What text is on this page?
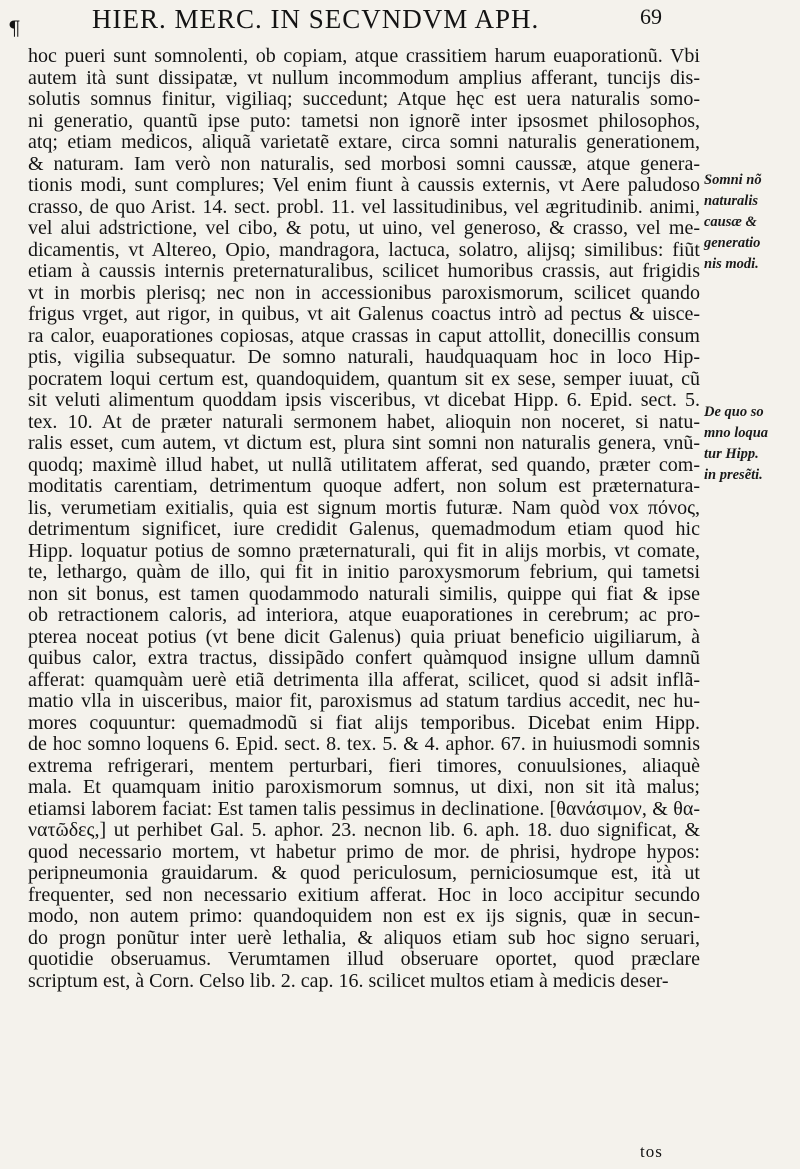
¶	HIER. MERC. IN SECVNDVM APH.	69
hoc pueri sunt somnolenti, ob copiam, atque crassitiem harum euaporationũ. Vbi
autem ità sunt dissipatæ, vt nullum incommodum amplius afferant, tuncijs dis-
solutis somnus finitur, vigiliaq; succedunt; Atque hęc est uera naturalis somo-
ni generatio, quantũ ipse puto: tametsi non ignorẽ inter ipsosmet philosophos,
atq; etiam medicos, aliquã varietatẽ extare, circa somni naturalis generationem,
& naturam. Iam verò non naturalis, sed morbosi somni caussæ, atque genera-
tionis modi, sunt complures; Vel enim fiunt à caussis externis, vt Aere paludoso
crasso, de quo Arist. 14. sect. probl. 11. vel lassitudinibus, vel ægritudinib. animi,
vel alui adstrictione, vel cibo, & potu, ut uino, vel generoso, & crasso, vel me-
dicamentis, vt Altereo, Opio, mandragora, lactuca, solatro, alijsq; similibus: fiũt
etiam à caussis internis preternaturalibus, scilicet humoribus crassis, aut frigidis
vt in morbis plerisq; nec non in accessionibus paroxismorum, scilicet quando
frigus vrget, aut rigor, in quibus, vt ait Galenus coactus intrò ad pectus & uisce-
ra calor, euaporationes copiosas, atque crassas in caput attollit, donecillis consum
ptis, vigilia subsequatur. De somno naturali, haudquaquam hoc in loco Hip-
pocratem loqui certum est, quandoquidem, quantum sit ex sese, semper iuuat, cũ
sit veluti alimentum quoddam ipsis visceribus, vt dicebat Hipp. 6. Epid. sect. 5.
tex. 10. At de præter naturali sermonem habet, alioquin non noceret, si natu-
ralis esset, cum autem, vt dictum est, plura sint somni non naturalis genera, vnũ-
quodq; maximè illud habet, ut nullã utilitatem afferat, sed quando, præter com-
moditatis carentiam, detrimentum quoque adfert, non solum est præternatura-
lis, verumetiam exitialis, quia est signum mortis futuræ. Nam quòd vox πόνος,
detrimentum significet, iure credidit Galenus, quemadmodum etiam quod hic
Hipp. loquatur potius de somno præternaturali, qui fit in alijs morbis, vt comate,
te, lethargo, quàm de illo, qui fit in initio paroxysmorum febrium, qui tametsi
non sit bonus, est tamen quodammodo naturali similis, quippe qui fiat & ipse
ob retractionem caloris, ad interiora, atque euaporationes in cerebrum; ac pro-
pterea noceat potius (vt bene dicit Galenus) quia priuat beneficio uigiliarum, à
quibus calor, extra tractus, dissipãdo confert quàmquod insigne ullum damnũ
afferat: quamquàm uerè etiã detrimenta illa afferat, scilicet, quod si adsit inflã-
matio vlla in uisceribus, maior fit, paroxismus ad statum tardius accedit, nec hu-
mores coquuntur: quemadmodũ si fiat alijs temporibus. Dicebat enim Hipp.
de hoc somno loquens 6. Epid. sect. 8. tex. 5. & 4. aphor. 67. in huiusmodi somnis
extrema refrigerari, mentem perturbari, fieri timores, conuulsiones, aliaquè
mala. Et quamquam initio paroxismorum somnus, ut dixi, non sit ità malus;
etiamsi laborem faciat: Est tamen talis pessimus in declinatione. [θανάσιμον, & θα-
νατῶδες,] ut perhibet Gal. 5. aphor. 23. necnon lib. 6. aph. 18. duo significat, &
quod necessario mortem, vt habetur primo de mor. de phrisi, hydrope hypos:
peripneumonia grauidarum. & quod periculosum, perniciosumque est, ità ut
frequenter, sed non necessario exitium afferat. Hoc in loco accipitur secundo
modo, non autem primo: quandoquidem non est ex ijs signis, quæ in secun-
do progn ponũtur inter uerè lethalia, & aliquos etiam sub hoc signo seruari,
quotidie obseruamus. Verumtamen illud obseruare oportet, quod præclare
scriptum est, à Corn. Celso lib. 2. cap. 16. scilicet multos etiam à medicis deser-
Somni nõ
naturalis
causæ &
generatio
nis modi.
De quo so
mno loqua
tur Hipp.
in presẽti.
tos
